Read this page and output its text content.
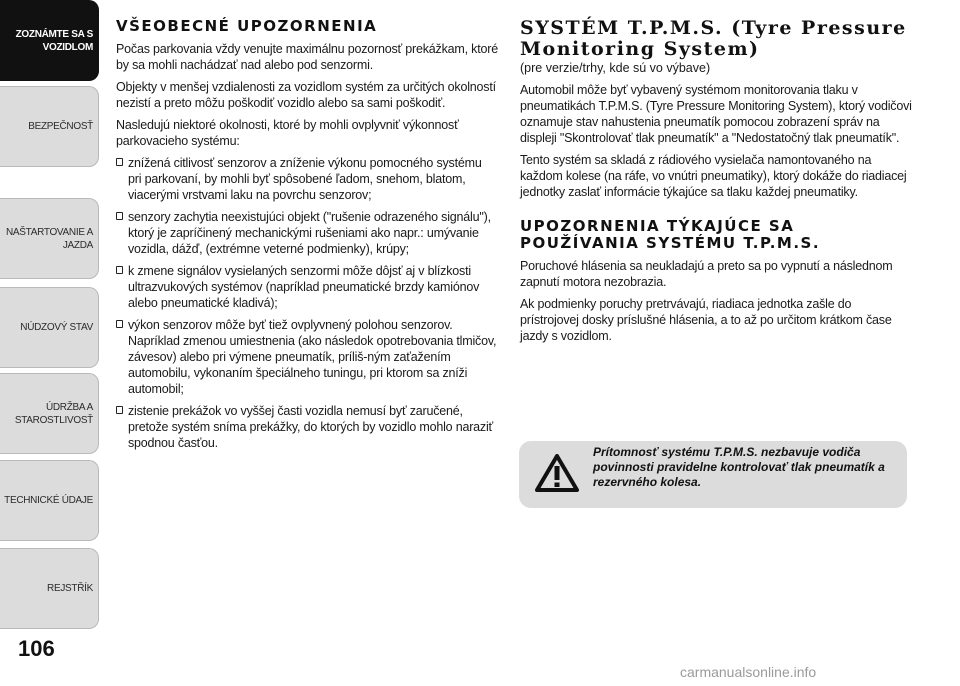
ZOZNÁMTE SA S VOZIDLOM
BEZPEČNOSŤ
NAŠTARTOVANIE A JAZDA
NÚDZOVÝ STAV
ÚDRŽBA A STAROSTLIVOSŤ
TECHNICKÉ ÚDAJE
REJSTŘÍK
106
VŠEOBECNÉ UPOZORNENIA

Počas parkovania vždy venujte maximálnu pozornosť prekážkam, ktoré by sa mohli nachádzať nad alebo pod senzormi.

Objekty v menšej vzdialenosti za vozidlom systém za určitých okolností nezistí a preto môžu poškodiť vozidlo alebo sa sami poškodiť.

Nasledujú niektoré okolnosti, ktoré by mohli ovplyvniť výkonnosť parkovacieho systému:

znížená citlivosť senzorov a zníženie výkonu pomocného systému pri parkovaní, by mohli byť spôsobené ľadom, snehom, blatom, viacerými vrstvami laku na povrchu senzorov;
senzory zachytia neexistujúci objekt ("rušenie odrazeného signálu"), ktorý je zapríčinený mechanickými rušeniami ako napr.: umývanie vozidla, dážď, (extrémne veterné podmienky), krúpy;
k zmene signálov vysielaných senzormi môže dôjsť aj v blízkosti ultrazvukových systémov (napríklad pneumatické brzdy kamiónov alebo pneumatické kladivá);
výkon senzorov môže byť tiež ovplyvnený polohou senzorov. Napríklad zmenou umiestnenia (ako následok opotrebovania tlmičov, závesov) alebo pri výmene pneumatík, príliš-ným zaťažením automobilu, vykonaním špeciálneho tuningu, pri ktorom sa zníži automobil;
zistenie prekážok vo vyššej časti vozidla nemusí byť zaručené, pretože systém sníma prekážky, do ktorých by vozidlo mohlo naraziť spodnou časťou.
SYSTÉM T.P.M.S. (Tyre Pressure Monitoring System)
(pre verzie/trhy, kde sú vo výbave)

Automobil môže byť vybavený systémom monitorovania tlaku v pneumatikách T.P.M.S. (Tyre Pressure Monitoring System), ktorý vodičovi oznamuje stav nahustenia pneumatík pomocou zobrazení správ na displeji "Skontrolovať tlak pneumatík" a "Nedostatočný tlak pneumatík".

Tento systém sa skladá z rádiového vysielača namontovaného na každom kolese (na ráfe, vo vnútri pneumatiky), ktorý dokáže do riadiacej jednotky zaslať informácie týkajúce sa tlaku každej pneumatiky.

UPOZORNENIA TÝKAJÚCE SA POUŽÍVANIA SYSTÉMU T.P.M.S.

Poruchové hlásenia sa neukladajú a preto sa po vypnutí a následnom zapnutí motora nezobrazia.

Ak podmienky poruchy pretrvávajú, riadiaca jednotka zašle do prístrojovej dosky príslušné hlásenia, a to až po určitom krátkom čase jazdy s vozidlom.

Prítomnosť systému T.P.M.S. nezbavuje vodiča povinnosti pravidelne kontrolovať tlak pneumatík a rezervného kolesa.
carmanualsonline.info
